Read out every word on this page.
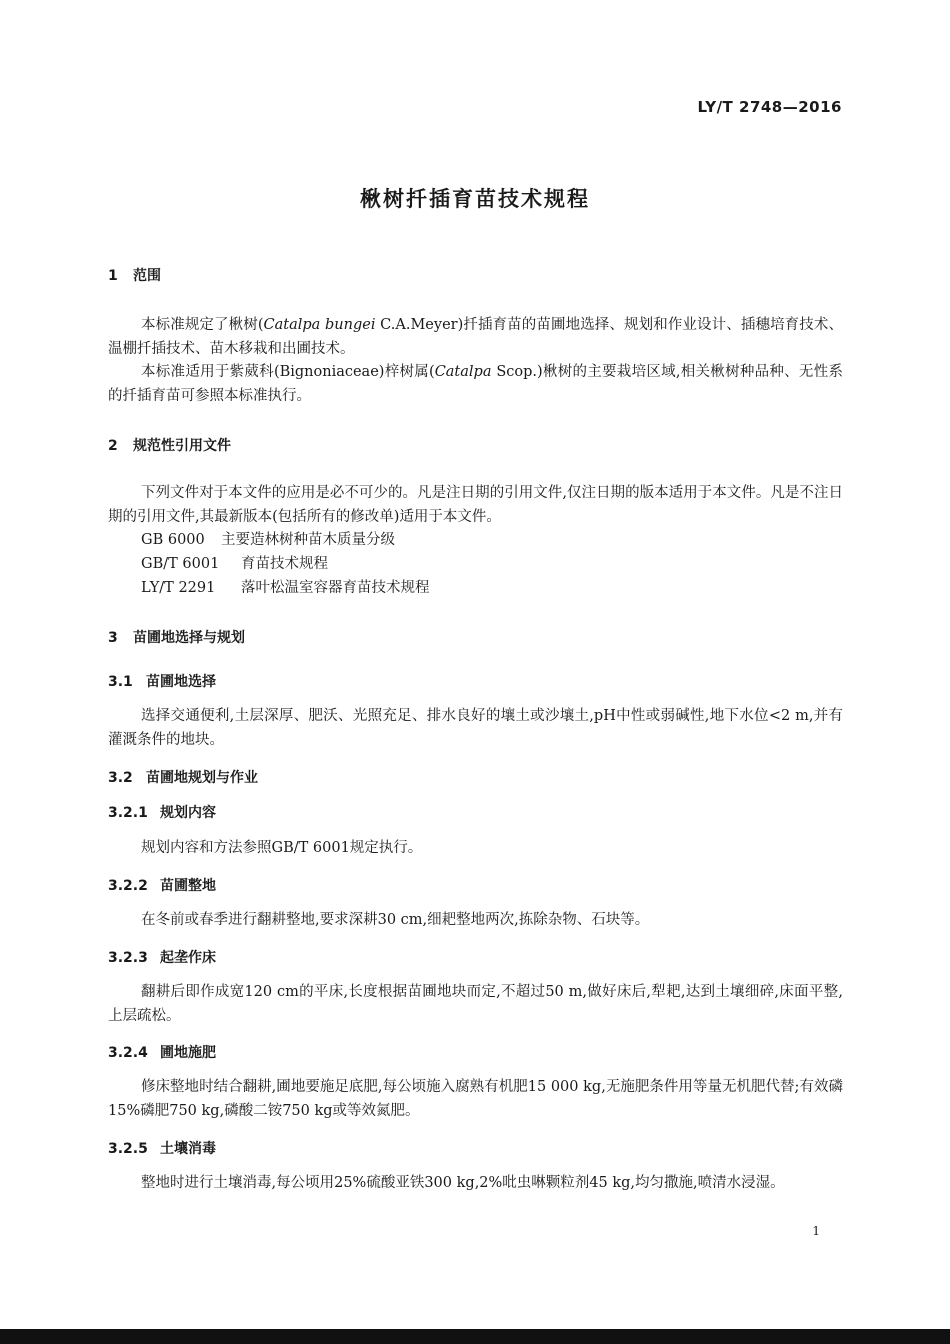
LY/T 2748—2016
楸树扦插育苗技术规程
1 范围
本标准规定了楸树(Catalpa bungei C.A.Meyer)扦插育苗的苗圃地选择、规划和作业设计、插穗培育技术、温棚扦插技术、苗木移栽和出圃技术。
本标准适用于紫葳科(Bignoniaceae)梓树属(Catalpa Scop.)楸树的主要栽培区域,相关楸树种品种、无性系的扦插育苗可参照本标准执行。
2 规范性引用文件
下列文件对于本文件的应用是必不可少的。凡是注日期的引用文件,仅注日期的版本适用于本文件。凡是不注日期的引用文件,其最新版本(包括所有的修改单)适用于本文件。
GB 6000 主要造林树种苗木质量分级
GB/T 6001 育苗技术规程
LY/T 2291 落叶松温室容器育苗技术规程
3 苗圃地选择与规划
3.1 苗圃地选择
选择交通便利,土层深厚、肥沃、光照充足、排水良好的壤土或沙壤土,pH中性或弱碱性,地下水位<2 m,并有灌溉条件的地块。
3.2 苗圃地规划与作业
3.2.1 规划内容
规划内容和方法参照GB/T 6001规定执行。
3.2.2 苗圃整地
在冬前或春季进行翻耕整地,要求深耕30 cm,细耙整地两次,拣除杂物、石块等。
3.2.3 起垄作床
翻耕后即作成宽120 cm的平床,长度根据苗圃地块而定,不超过50 m,做好床后,犁耙,达到土壤细碎,床面平整,上层疏松。
3.2.4 圃地施肥
修床整地时结合翻耕,圃地要施足底肥,每公顷施入腐熟有机肥15 000 kg,无施肥条件用等量无机肥代替;有效磷15%磷肥750 kg,磷酸二铵750 kg或等效氮肥。
3.2.5 土壤消毒
整地时进行土壤消毒,每公顷用25%硫酸亚铁300 kg,2%吡虫啉颗粒剂45 kg,均匀撒施,喷清水浸湿。
1
